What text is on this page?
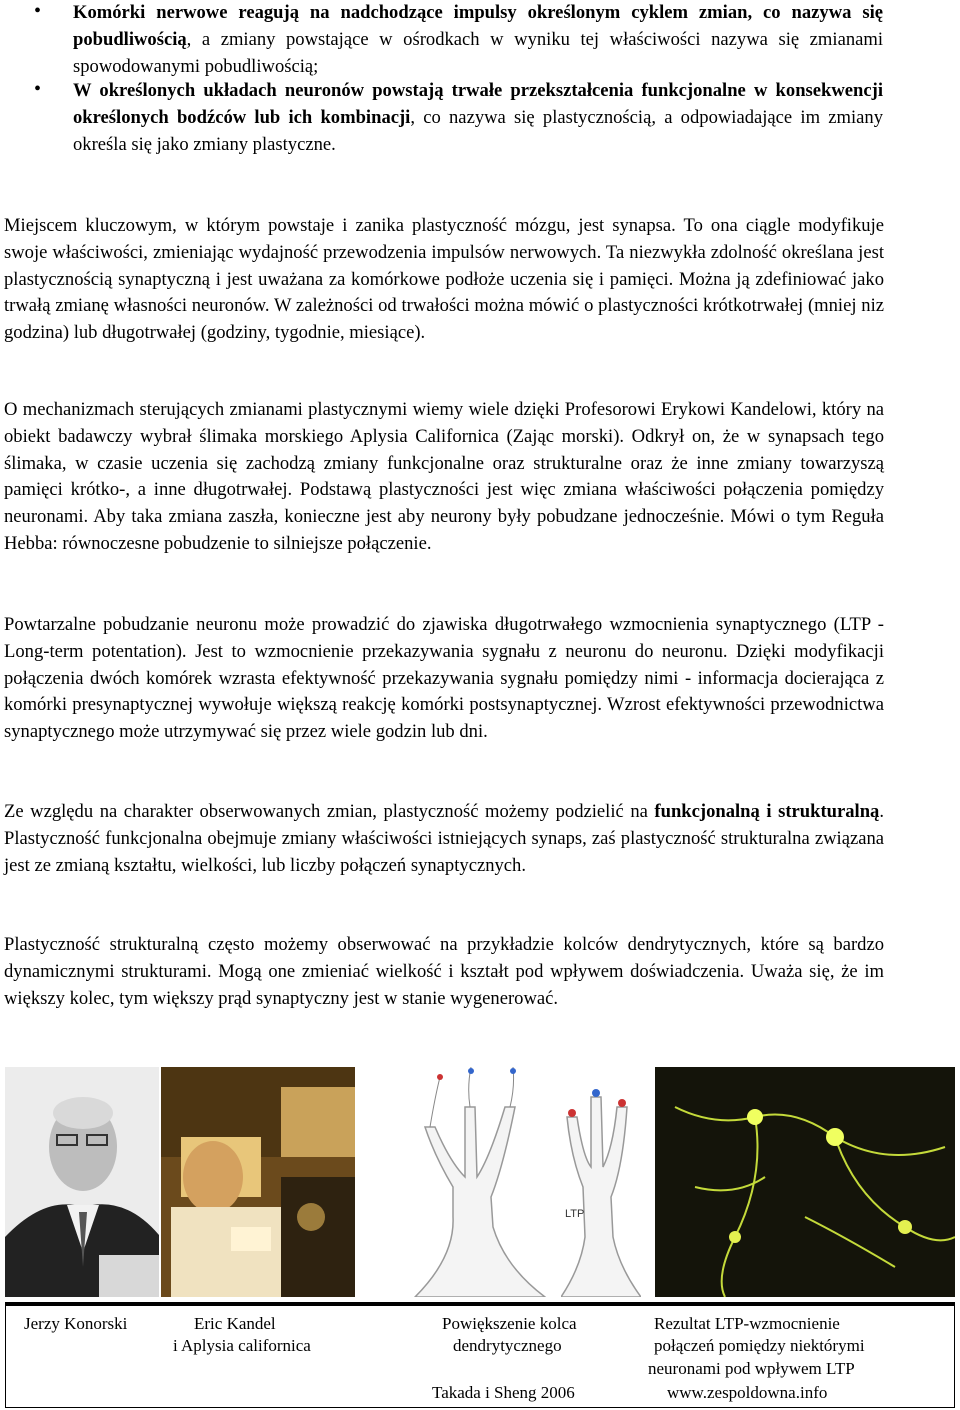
• Komórki nerwowe reagują na nadchodzące impulsy określonym cyklem zmian, co nazywa się pobudliwością, a zmiany powstające w ośrodkach w wyniku tej właściwości nazywa się zmianami spowodowanymi pobudliwością;
• W określonych układach neuronów powstają trwałe przekształcenia funkcjonalne w konsekwencji określonych bodźców lub ich kombinacji, co nazywa się plastycznością, a odpowiadające im zmiany określa się jako zmiany plastyczne.
Miejscem kluczowym, w którym powstaje i zanika plastyczność mózgu, jest synapsa. To ona ciągle modyfikuje swoje właściwości, zmieniając wydajność przewodzenia impulsów nerwowych. Ta niezwykła zdolność określana jest plastycznością synaptyczną i jest uważana za komórkowe podłoże uczenia się i pamięci. Można ją zdefiniować jako trwałą zmianę własności neuronów. W zależności od trwałości można mówić o plastyczności krótkotrwałej (mniej niz godzina) lub długotrwałej (godziny, tygodnie, miesiące).
O mechanizmach sterujących zmianami plastycznymi wiemy wiele dzięki Profesorowi Erykowi Kandelowi, który na obiekt badawczy wybrał ślimaka morskiego Aplysia Californica (Zając morski). Odkrył on, że w synapsach tego ślimaka, w czasie uczenia się zachodzą zmiany funkcjonalne oraz strukturalne oraz że inne zmiany towarzyszą pamięci krótko-, a inne długotrwałej. Podstawą plastyczności jest więc zmiana właściwości połączenia pomiędzy neuronami. Aby taka zmiana zaszła, konieczne jest aby neurony były pobudzane jednocześnie. Mówi o tym Reguła Hebba: równoczesne pobudzenie to silniejsze połączenie.
Powtarzalne pobudzanie neuronu może prowadzić do zjawiska długotrwałego wzmocnienia synaptycznego (LTP - Long-term potentation). Jest to wzmocnienie przekazywania sygnału z neuronu do neuronu. Dzięki modyfikacji połączenia dwóch komórek wzrasta efektywność przekazywania sygnału pomiędzy nimi - informacja docierająca z komórki presynaptycznej wywołuje większą reakcję komórki postsynaptycznej. Wzrost efektywności przewodnictwa synaptycznego może utrzymywać się przez wiele godzin lub dni.
Ze względu na charakter obserwowanych zmian, plastyczność możemy podzielić na funkcjonalną i strukturalną. Plastyczność funkcjonalna obejmuje zmiany właściwości istniejących synaps, zaś plastyczność strukturalna związana jest ze zmianą kształtu, wielkości, lub liczby połączeń synaptycznych.
Plastyczność strukturalną często możemy obserwować na przykładzie kolców dendrytycznych, które są bardzo dynamicznymi strukturami. Mogą one zmieniać wielkość i kształt pod wpływem doświadczenia. Uważa się, że im większy kolec, tym większy prąd synaptyczny jest w stanie wygenerować.
LTP
Jerzy Konorski	Eric Kandel
i Aplysia californica
Powiększenie kolca
dendrytycznego
Takada i Sheng 2006
Rezultat LTP-wzmocnienie
połączeń pomiędzy niektórymi
neuronami pod wpływem LTP
www.zespoldowna.info
